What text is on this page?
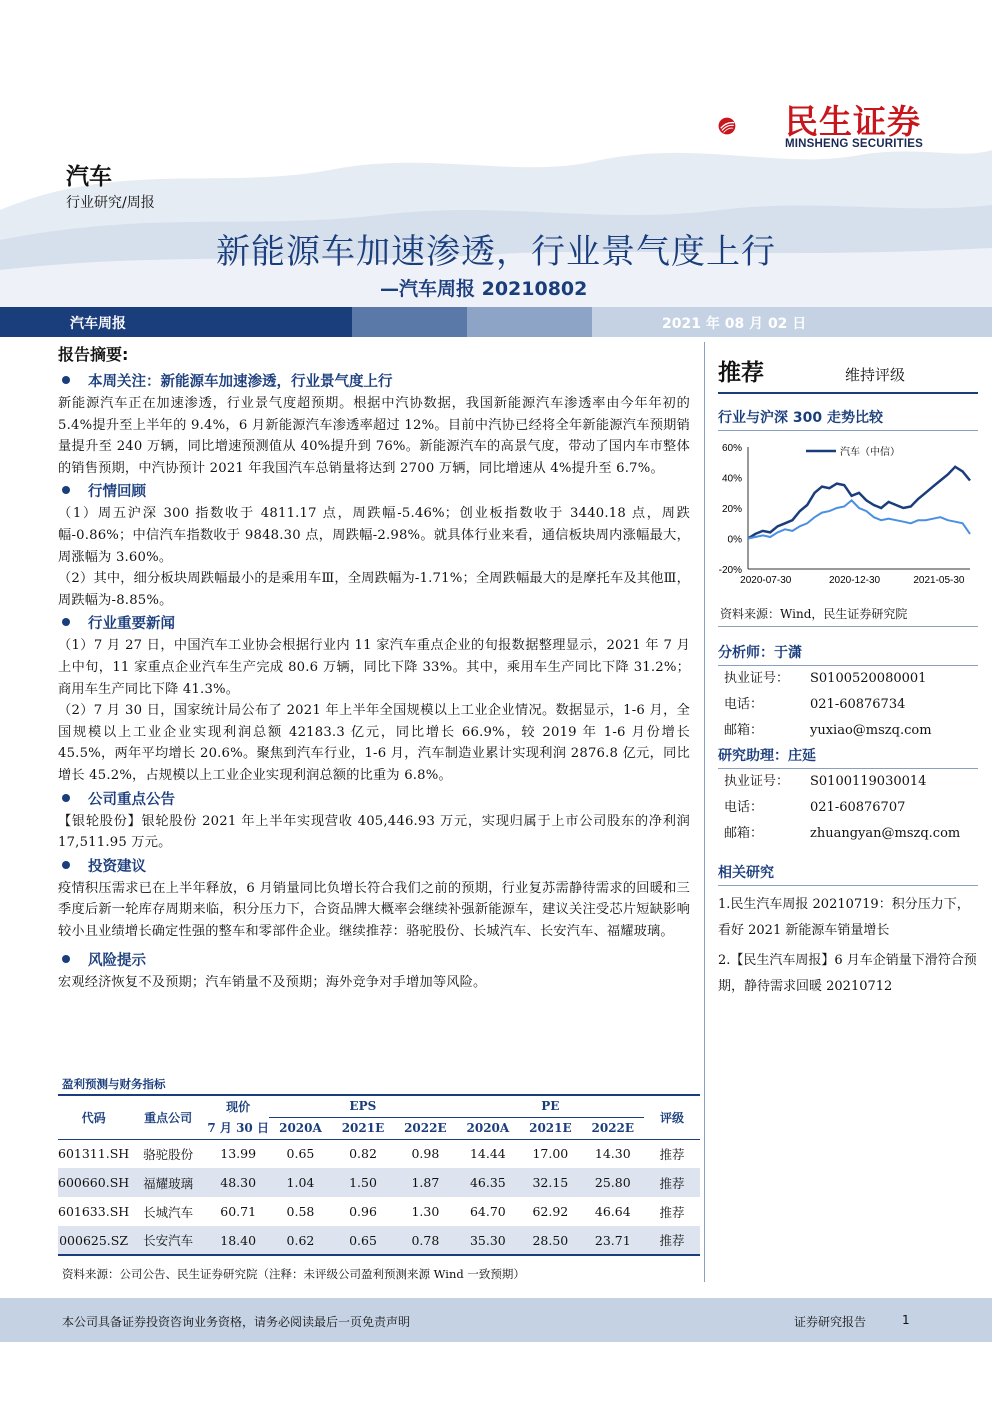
民生证券
MINSHENG SECURITIES
汽车
行业研究/周报
新能源车加速渗透，行业景气度上行
—汽车周报 20210802
汽车周报	2021 年 08 月 02 日
报告摘要:
本周关注：新能源车加速渗透，行业景气度上行
新能源汽车正在加速渗透，行业景气度超预期。根据中汽协数据，我国新能源汽车渗透率由今年年初的 5.4%提升至上半年的 9.4%，6 月新能源汽车渗透率超过 12%。目前中汽协已经将全年新能源汽车预期销量提升至 240 万辆，同比增速预测值从 40%提升到 76%。新能源汽车的高景气度，带动了国内车市整体的销售预期，中汽协预计 2021 年我国汽车总销量将达到 2700 万辆，同比增速从 4%提升至 6.7%。
行情回顾
（1）周五沪深 300 指数收于 4811.17 点，周跌幅-5.46%；创业板指数收于 3440.18 点，周跌幅-0.86%；中信汽车指数收于 9848.30 点，周跌幅-2.98%。就具体行业来看，通信板块周内涨幅最大，周涨幅为 3.60%。
（2）其中，细分板块周跌幅最小的是乘用车Ⅲ，全周跌幅为-1.71%；全周跌幅最大的是摩托车及其他Ⅲ，周跌幅为-8.85%。
行业重要新闻
（1）7 月 27 日，中国汽车工业协会根据行业内 11 家汽车重点企业的旬报数据整理显示，2021 年 7 月上中旬，11 家重点企业汽车生产完成 80.6 万辆，同比下降 33%。其中，乘用车生产同比下降 31.2%；商用车生产同比下降 41.3%。
（2）7 月 30 日，国家统计局公布了 2021 年上半年全国规模以上工业企业情况。数据显示，1-6 月，全国规模以上工业企业实现利润总额 42183.3 亿元，同比增长 66.9%，较 2019 年 1-6 月份增长 45.5%，两年平均增长 20.6%。聚焦到汽车行业，1-6 月，汽车制造业累计实现利润 2876.8 亿元，同比增长 45.2%，占规模以上工业企业实现利润总额的比重为 6.8%。
公司重点公告
【银轮股份】银轮股份 2021 年上半年实现营收 405,446.93 万元，实现归属于上市公司股东的净利润 17,511.95 万元。
投资建议
疫情积压需求已在上半年释放，6 月销量同比负增长符合我们之前的预期，行业复苏需静待需求的回暖和三季度后新一轮库存周期来临，积分压力下，合资品牌大概率会继续补强新能源车，建议关注受芯片短缺影响较小且业绩增长确定性强的整车和零部件企业。继续推荐：骆驼股份、长城汽车、长安汽车、福耀玻璃。
风险提示
宏观经济恢复不及预期；汽车销量不及预期；海外竞争对手增加等风险。
推荐	维持评级
行业与沪深 300 走势比较
60%
40%
20%
0%
-20%
2020-07-30	2020-12-30	2021-05-30
汽车（中信）
资料来源：Wind，民生证券研究院
分析师：于潇
执业证号： S0100520080001
电话：	021-60876734
邮箱：	yuxiao@mszq.com
研究助理：庄延
执业证号： S0100119030014
电话：	021-60876707
邮箱：	zhuangyan@mszq.com
相关研究
1.民生汽车周报 20210719：积分压力下，看好 2021 新能源车销量增长
2.【民生汽车周报】6 月车企销量下滑符合预期，静待需求回暖 20210712
盈利预测与财务指标
代码	重点公司	现价	EPS			PE			评级
		7 月 30 日	2020A	2021E	2022E	2020A	2021E	2022E	
601311.SH	骆驼股份	13.99	0.65	0.82	0.98	14.44	17.00	14.30	推荐
600660.SH	福耀玻璃	48.30	1.04	1.50	1.87	46.35	32.15	25.80	推荐
601633.SH	长城汽车	60.71	0.58	0.96	1.30	64.70	62.92	46.64	推荐
000625.SZ	长安汽车	18.40	0.62	0.65	0.78	35.30	28.50	23.71	推荐
资料来源：公司公告、民生证券研究院（注释：未评级公司盈利预测来源 Wind 一致预期）
本公司具备证券投资咨询业务资格，请务必阅读最后一页免责声明	证券研究报告	1
